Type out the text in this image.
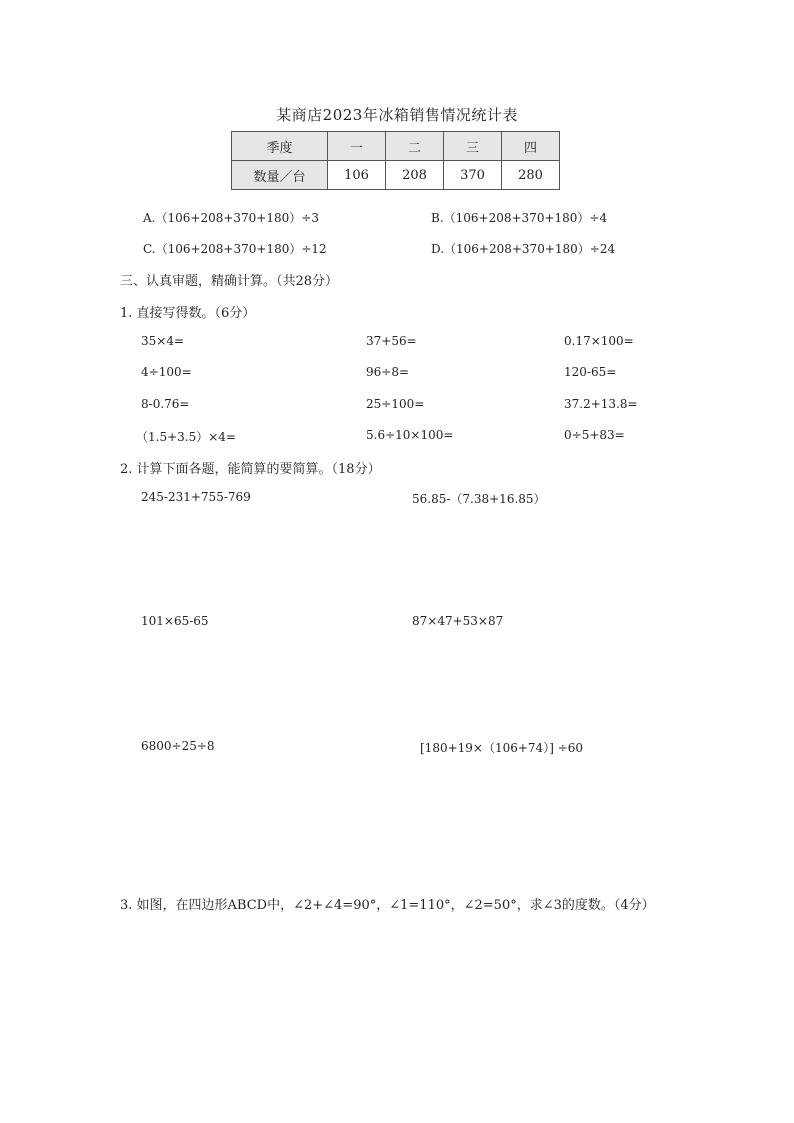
某商店2023年冰箱销售情况统计表
季度	一	二	三	四
数量／台	106	208	370	280
A.（106+208+370+180）÷3	B.（106+208+370+180）÷4
C.（106+208+370+180）÷12	D.（106+208+370+180）÷24
三、认真审题，精确计算。（共28分）
1. 直接写得数。（6分）
35×4=	37+56=	0.17×100=
4÷100=	96÷8=	120-65=
8-0.76=	25÷100=	37.2+13.8=
（1.5+3.5）×4=	5.6÷10×100=	0÷5+83=
2. 计算下面各题，能简算的要简算。（18分）
245-231+755-769	56.85-（7.38+16.85）
101×65-65	87×47+53×87
6800÷25÷8	[180+19×（106+74）] ÷60
3. 如图，在四边形ABCD中，∠2+∠4=90°，∠1=110°，∠2=50°，求∠3的度数。（4分）
